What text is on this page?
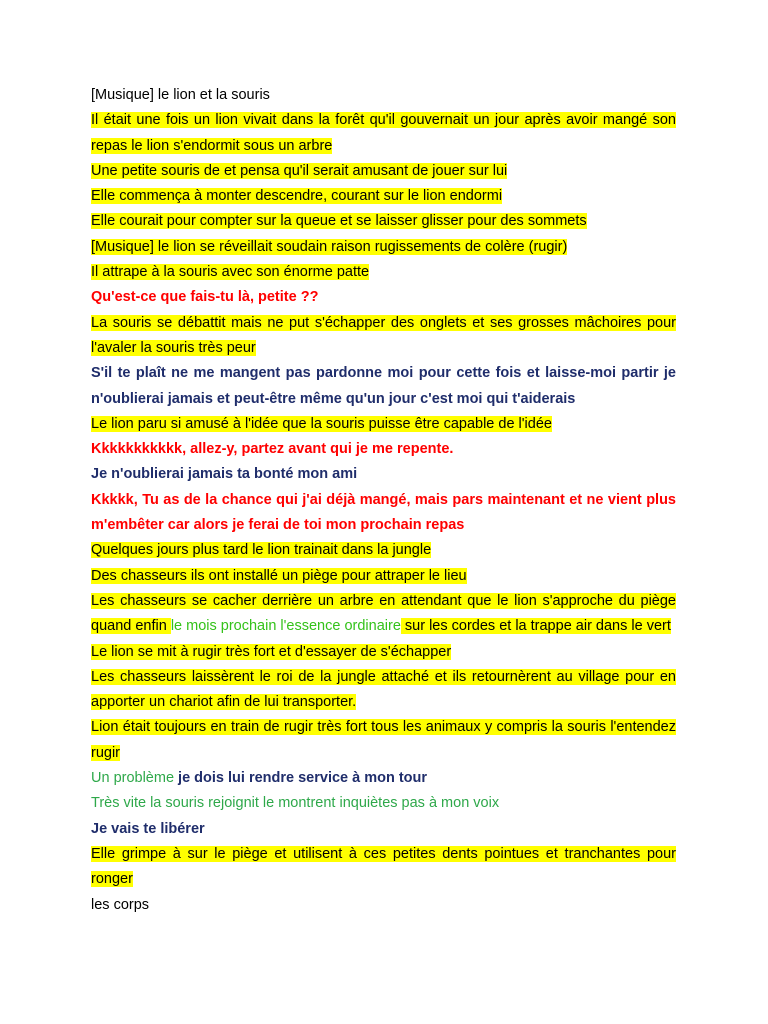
[Musique] le lion et la souris

Il était une fois un lion vivait dans la forêt qu'il gouvernait un jour après avoir mangé son repas le lion s'endormit sous un arbre

Une petite souris de et pensa qu'il serait amusant de jouer sur lui

Elle commença à monter descendre, courant sur le lion endormi

Elle courait pour compter sur la queue et se laisser glisser pour des sommets

[Musique] le lion se réveillait soudain raison rugissements de colère (rugir)

Il attrape à la souris avec son énorme patte

Qu'est-ce que fais-tu là, petite ??

La souris se débattit mais ne put s'échapper des onglets et ses grosses mâchoires pour l'avaler la souris très peur

S'il te plaît ne me mangent pas pardonne moi pour cette fois et laisse-moi partir je n'oublierai jamais et peut-être même qu'un jour c'est moi qui t'aiderais

Le lion paru si amusé à l'idée que la souris puisse être capable de l'idée

Kkkkkkkkkkk, allez-y, partez avant qui je me repente.

Je n'oublierai jamais ta bonté mon ami

Kkkkk, Tu as de la chance qui j'ai déjà mangé, mais pars maintenant et ne vient plus m'embêter car alors je ferai de toi mon prochain repas

Quelques jours plus tard le lion trainait dans la jungle

Des chasseurs ils ont installé un piège pour attraper le lieu

Les chasseurs se cacher derrière un arbre en attendant que le lion s'approche du piège quand enfin le mois prochain l'essence ordinaire sur les cordes et la trappe air dans le vert

Le lion se mit à rugir très fort et d'essayer de s'échapper

Les chasseurs laissèrent le roi de la jungle attaché et ils retournèrent au village pour en apporter un chariot afin de lui transporter.

Lion était toujours en train de rugir très fort tous les animaux y compris la souris l'entendez rugir

Un problème je dois lui rendre service à mon tour

Très vite la souris rejoignit le montrent inquiètes pas à mon voix

Je vais te libérer

Elle grimpe à sur le piège et utilisent à ces petites dents pointues et tranchantes pour ronger

les corps
